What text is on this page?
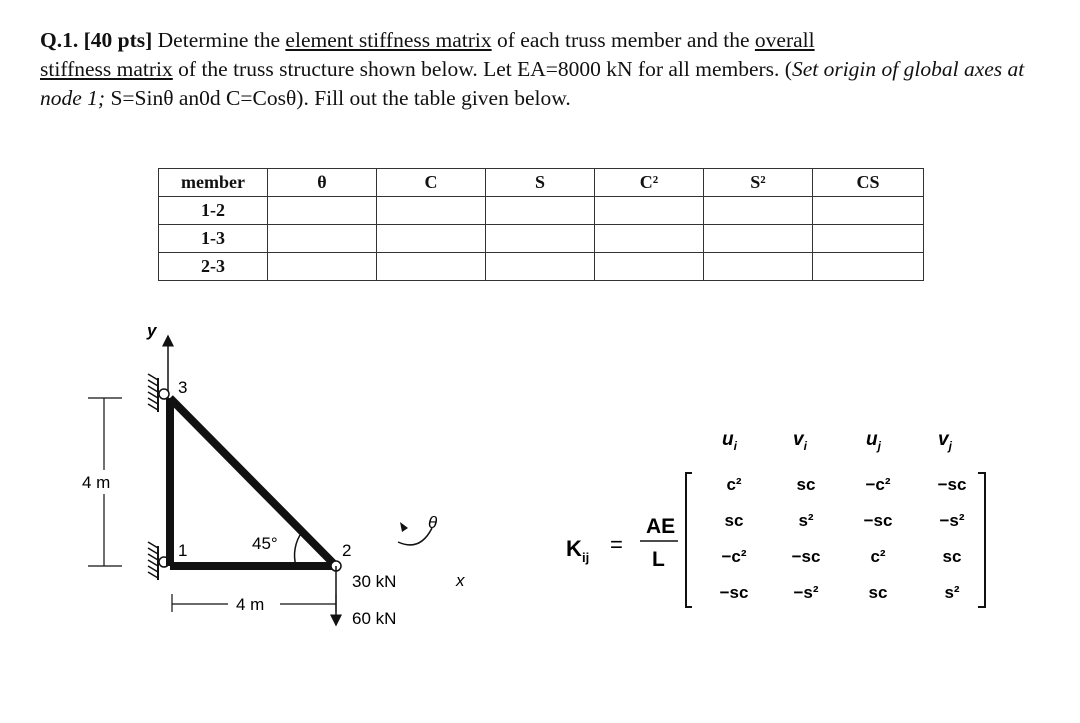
Q.1. [40 pts] Determine the element stiffness matrix of each truss member and the overall
stiffness matrix of the truss structure shown below. Let EA=8000 kN for all members. (Set origin of global axes at node 1; S=Sinθ an0d C=Cosθ). Fill out the table given below.
member	θ	C	S	C²	S²	CS
1-2						
1-3						
2-3						
y
3
1	2
45°
4 m
4 m
30 kN
60 kN
x
θ
K ij
=
AE
L
$u_i$	$v_i$	$u_j$	$v_j$
c²	sc	−c²	−sc
sc	s²	−sc	−s²
−c²	−sc	c²	sc
−sc	−s²	sc	s²
